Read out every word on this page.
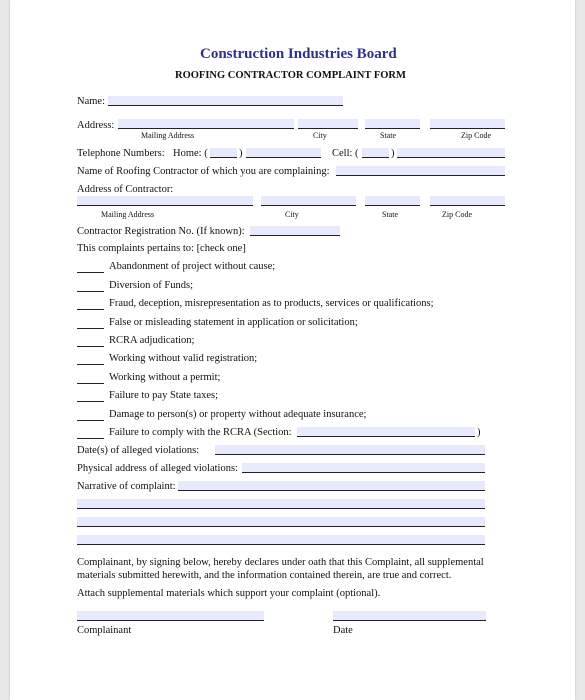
Construction Industries Board
ROOFING CONTRACTOR COMPLAINT FORM
Name:
Address:
Mailing Address	City	State	Zip Code
Telephone Numbers: Home: (	)	Cell: (	)
Name of Roofing Contractor of which you are complaining:
Address of Contractor:
Mailing Address	City	State	Zip Code
Contractor Registration No. (If known):
This complaints pertains to: [check one]
Abandonment of project without cause;
Diversion of Funds;
Fraud, deception, misrepresentation as to products, services or qualifications;
False or misleading statement in application or solicitation;
RCRA adjudication;
Working without valid registration;
Working without a permit;
Failure to pay State taxes;
Damage to person(s) or property without adequate insurance;
Failure to comply with the RCRA (Section:	)
Date(s) of alleged violations:
Physical address of alleged violations:
Narrative of complaint:
Complainant, by signing below, hereby declares under oath that this Complaint, all supplemental
materials submitted herewith, and the information contained therein, are true and correct.
Attach supplemental materials which support your complaint (optional).
Complainant	Date
